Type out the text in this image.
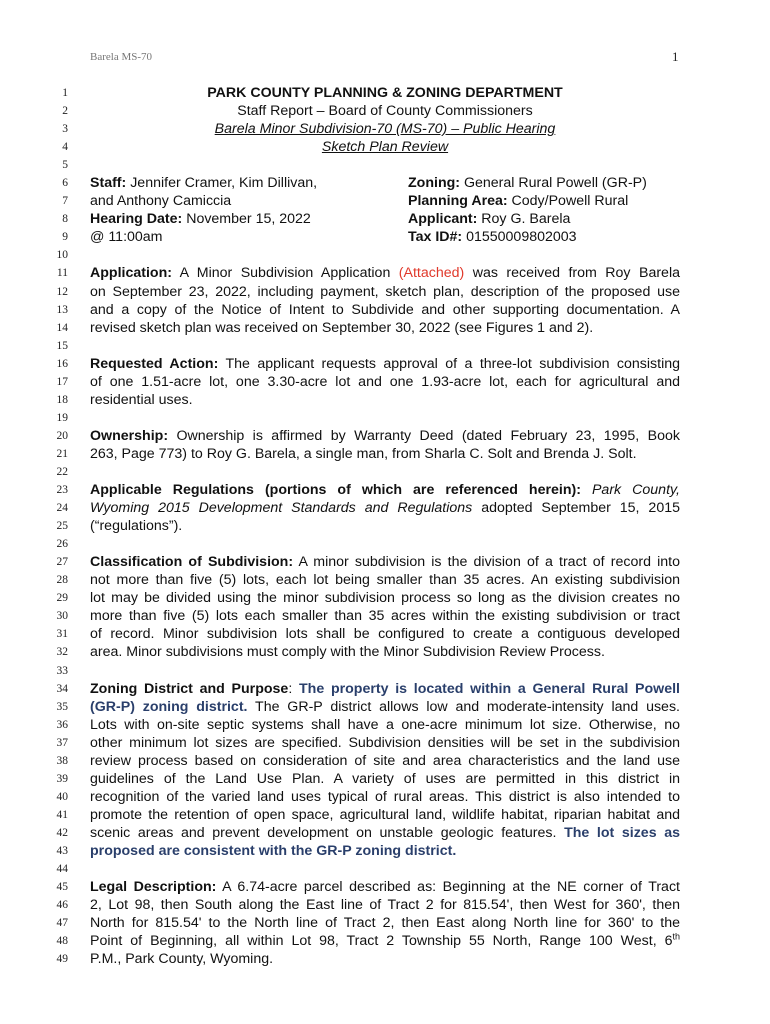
Barela MS-70	1
1
2
3
4
5
6
7
8
9
10
11
12
13
14
15
16
17
18
19
20
21
22
23
24
25
26
27
28
29
30
31
32
33
34
35
36
37
38
39
40
41
42
43
44
45
46
47
48
49
PARK COUNTY PLANNING & ZONING DEPARTMENT
Staff Report – Board of County Commissioners
Barela Minor Subdivision-70 (MS-70) – Public Hearing
Sketch Plan Review
Staff: Jennifer Cramer, Kim Dillivan,	Zoning: General Rural Powell (GR-P)
and Anthony Camiccia	Planning Area: Cody/Powell Rural
Hearing Date: November 15, 2022	Applicant: Roy G. Barela
@ 11:00am	Tax ID#: 01550009802003
Application: A Minor Subdivision Application (Attached) was received from Roy Barela
on September 23, 2022, including payment, sketch plan, description of the proposed use
and a copy of the Notice of Intent to Subdivide and other supporting documentation. A
revised sketch plan was received on September 30, 2022 (see Figures 1 and 2).
Requested Action: The applicant requests approval of a three-lot subdivision consisting
of one 1.51-acre lot, one 3.30-acre lot and one 1.93-acre lot, each for agricultural and
residential uses.
Ownership: Ownership is affirmed by Warranty Deed (dated February 23, 1995, Book
263, Page 773) to Roy G. Barela, a single man, from Sharla C. Solt and Brenda J. Solt.
Applicable Regulations (portions of which are referenced herein): Park County,
Wyoming 2015 Development Standards and Regulations adopted September 15, 2015
(“regulations”).
Classification of Subdivision: A minor subdivision is the division of a tract of record into
not more than five (5) lots, each lot being smaller than 35 acres. An existing subdivision
lot may be divided using the minor subdivision process so long as the division creates no
more than five (5) lots each smaller than 35 acres within the existing subdivision or tract
of record. Minor subdivision lots shall be configured to create a contiguous developed
area. Minor subdivisions must comply with the Minor Subdivision Review Process.
Zoning District and Purpose: The property is located within a General Rural Powell
(GR-P) zoning district. The GR-P district allows low and moderate-intensity land uses.
Lots with on-site septic systems shall have a one-acre minimum lot size. Otherwise, no
other minimum lot sizes are specified. Subdivision densities will be set in the subdivision
review process based on consideration of site and area characteristics and the land use
guidelines of the Land Use Plan. A variety of uses are permitted in this district in
recognition of the varied land uses typical of rural areas. This district is also intended to
promote the retention of open space, agricultural land, wildlife habitat, riparian habitat and
scenic areas and prevent development on unstable geologic features. The lot sizes as
proposed are consistent with the GR-P zoning district.
Legal Description: A 6.74-acre parcel described as: Beginning at the NE corner of Tract
2, Lot 98, then South along the East line of Tract 2 for 815.54', then West for 360', then
North for 815.54' to the North line of Tract 2, then East along North line for 360' to the
Point of Beginning, all within Lot 98, Tract 2 Township 55 North, Range 100 West, 6th
P.M., Park County, Wyoming.
